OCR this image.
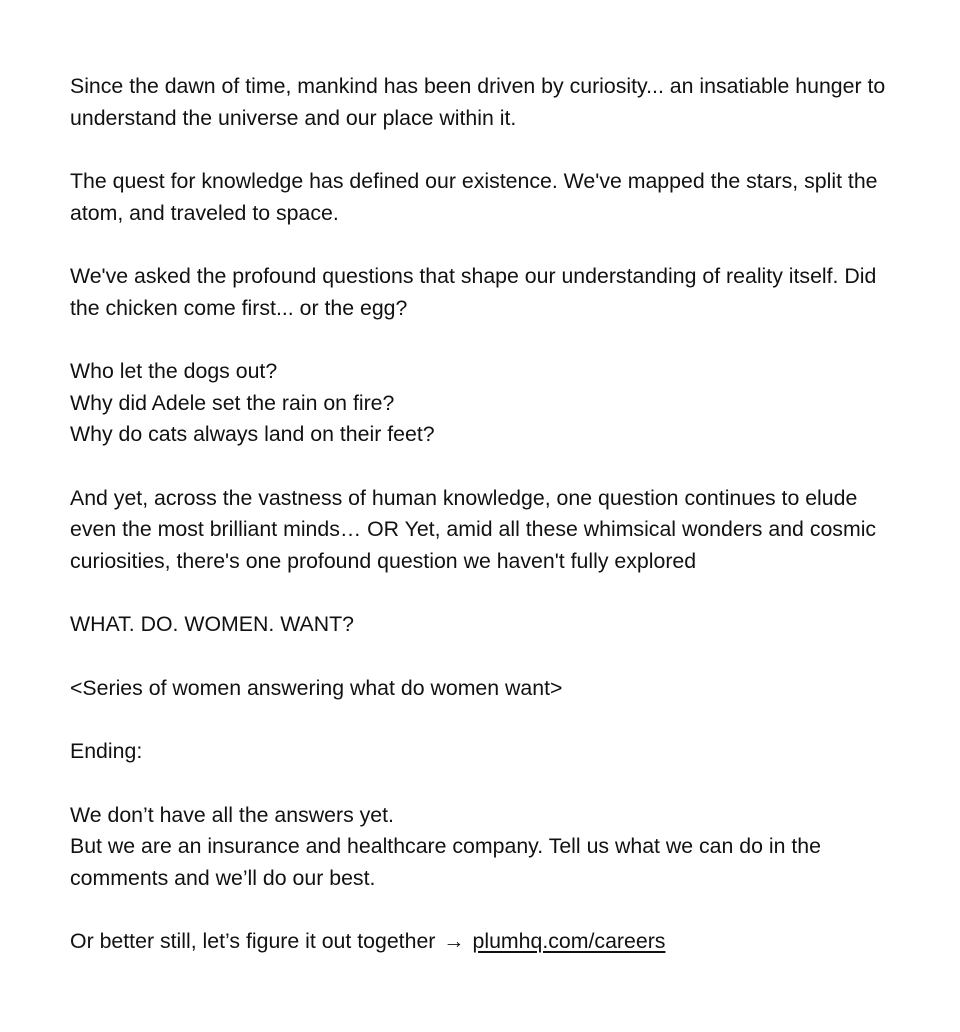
Since the dawn of time, mankind has been driven by curiosity... an insatiable hunger to understand the universe and our place within it.

The quest for knowledge has defined our existence. We've mapped the stars, split the atom, and traveled to space.

We've asked the profound questions that shape our understanding of reality itself. Did the chicken come first... or the egg?

Who let the dogs out?
Why did Adele set the rain on fire?
Why do cats always land on their feet?

And yet, across the vastness of human knowledge, one question continues to elude even the most brilliant minds… OR Yet, amid all these whimsical wonders and cosmic curiosities, there's one profound question we haven't fully explored

WHAT. DO. WOMEN. WANT?

<Series of women answering what do women want>

Ending:

We don’t have all the answers yet.
But we are an insurance and healthcare company. Tell us what we can do in the comments and we’ll do our best.

Or better still, let’s figure it out together → plumhq.com/careers
